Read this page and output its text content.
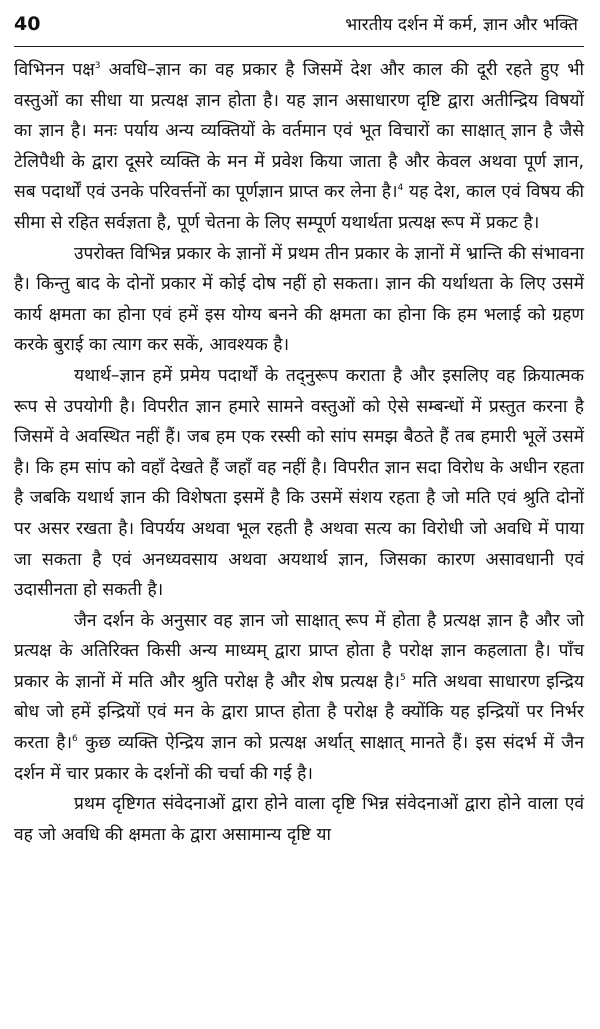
40	भारतीय दर्शन में कर्म, ज्ञान और भक्ति

विभिनन पक्ष$^3$ अवधि–ज्ञान का वह प्रकार है जिसमें देश और काल की दूरी रहते हुए भी वस्तुओं का सीधा या प्रत्यक्ष ज्ञान होता है। यह ज्ञान असाधारण दृष्टि द्वारा अतीन्द्रिय विषयों का ज्ञान है। मनः पर्याय अन्य व्यक्तियों के वर्तमान एवं भूत विचारों का साक्षात् ज्ञान है जैसे टेलिपैथी के द्वारा दूसरे व्यक्ति के मन में प्रवेश किया जाता है और केवल अथवा पूर्ण ज्ञान, सब पदार्थों एवं उनके परिवर्त्तनों का पूर्णज्ञान प्राप्त कर लेना है।$^4$ यह देश, काल एवं विषय की सीमा से रहित सर्वज्ञता है, पूर्ण चेतना के लिए सम्पूर्ण यथार्थता प्रत्यक्ष रूप में प्रकट है।

उपरोक्त विभिन्न प्रकार के ज्ञानों में प्रथम तीन प्रकार के ज्ञानों में भ्रान्ति की संभावना है। किन्तु बाद के दोनों प्रकार में कोई दोष नहीं हो सकता। ज्ञान की यर्थाथता के लिए उसमें कार्य क्षमता का होना एवं हमें इस योग्य बनने की क्षमता का होना कि हम भलाई को ग्रहण करके बुराई का त्याग कर सकें, आवश्यक है।

यथार्थ–ज्ञान हमें प्रमेय पदार्थों के तद्नुरूप कराता है और इसलिए वह क्रियात्मक रूप से उपयोगी है। विपरीत ज्ञान हमारे सामने वस्तुओं को ऐसे सम्बन्धों में प्रस्तुत करना है जिसमें वे अवस्थित नहीं हैं। जब हम एक रस्सी को सांप समझ बैठते हैं तब हमारी भूलें उसमें है। कि हम सांप को वहाँ देखते हैं जहाँ वह नहीं है। विपरीत ज्ञान सदा विरोध के अधीन रहता है जबकि यथार्थ ज्ञान की विशेषता इसमें है कि उसमें संशय रहता है जो मति एवं श्रुति दोनों पर असर रखता है। विपर्यय अथवा भूल रहती है अथवा सत्य का विरोधी जो अवधि में पाया जा सकता है एवं अनध्यवसाय अथवा अयथार्थ ज्ञान, जिसका कारण असावधानी एवं उदासीनता हो सकती है।

जैन दर्शन के अनुसार वह ज्ञान जो साक्षात् रूप में होता है प्रत्यक्ष ज्ञान है और जो प्रत्यक्ष के अतिरिक्त किसी अन्य माध्यम् द्वारा प्राप्त होता है परोक्ष ज्ञान कहलाता है। पाँच प्रकार के ज्ञानों में मति और श्रुति परोक्ष है और शेष प्रत्यक्ष है।$^5$ मति अथवा साधारण इन्द्रिय बोध जो हमें इन्द्रियों एवं मन के द्वारा प्राप्त होता है परोक्ष है क्योंकि यह इन्द्रियों पर निर्भर करता है।$^6$ कुछ व्यक्ति ऐन्द्रिय ज्ञान को प्रत्यक्ष अर्थात् साक्षात् मानते हैं। इस संदर्भ में जैन दर्शन में चार प्रकार के दर्शनों की चर्चा की गई है।

प्रथम दृष्टिगत संवेदनाओं द्वारा होने वाला दृष्टि भिन्न संवेदनाओं द्वारा होने वाला एवं वह जो अवधि की क्षमता के द्वारा असामान्य दृष्टि या
